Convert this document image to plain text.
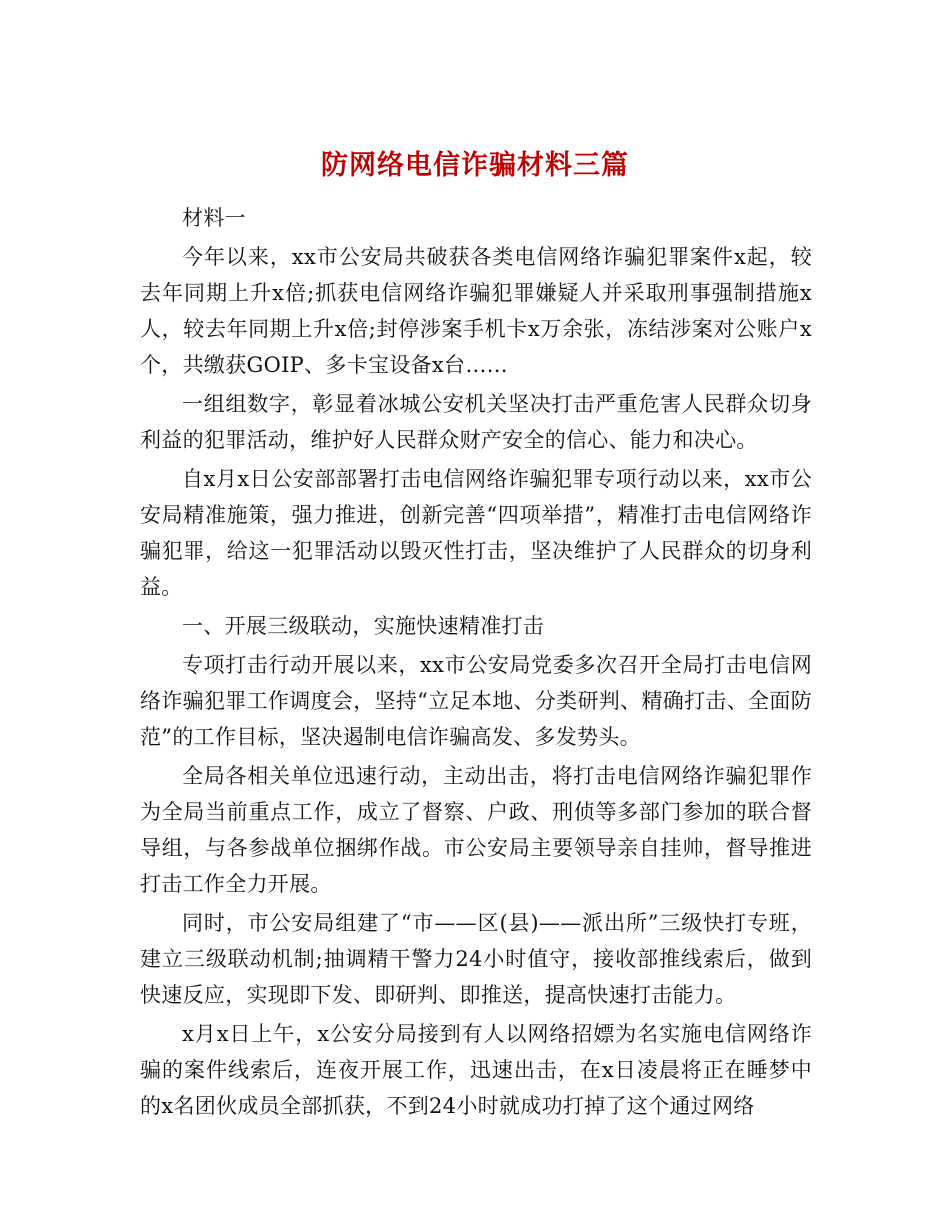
防网络电信诈骗材料三篇

材料一

今年以来，xx市公安局共破获各类电信网络诈骗犯罪案件x起，较去年同期上升x倍;抓获电信网络诈骗犯罪嫌疑人并采取刑事强制措施x人，较去年同期上升x倍;封停涉案手机卡x万余张，冻结涉案对公账户x个，共缴获GOIP、多卡宝设备x台……

一组组数字，彰显着冰城公安机关坚决打击严重危害人民群众切身利益的犯罪活动，维护好人民群众财产安全的信心、能力和决心。

自x月x日公安部部署打击电信网络诈骗犯罪专项行动以来，xx市公安局精准施策，强力推进，创新完善“四项举措”，精准打击电信网络诈骗犯罪，给这一犯罪活动以毁灭性打击，坚决维护了人民群众的切身利益。

一、开展三级联动，实施快速精准打击

专项打击行动开展以来，xx市公安局党委多次召开全局打击电信网络诈骗犯罪工作调度会，坚持“立足本地、分类研判、精确打击、全面防范”的工作目标，坚决遏制电信诈骗高发、多发势头。

全局各相关单位迅速行动，主动出击，将打击电信网络诈骗犯罪作为全局当前重点工作，成立了督察、户政、刑侦等多部门参加的联合督导组，与各参战单位捆绑作战。市公安局主要领导亲自挂帅，督导推进打击工作全力开展。

同时，市公安局组建了“市——区(县)——派出所”三级快打专班，建立三级联动机制;抽调精干警力24小时值守，接收部推线索后，做到快速反应，实现即下发、即研判、即推送，提高快速打击能力。

x月x日上午，x公安分局接到有人以网络招嫖为名实施电信网络诈骗的案件线索后，连夜开展工作，迅速出击，在x日凌晨将正在睡梦中的x名团伙成员全部抓获，不到24小时就成功打掉了这个通过网络
